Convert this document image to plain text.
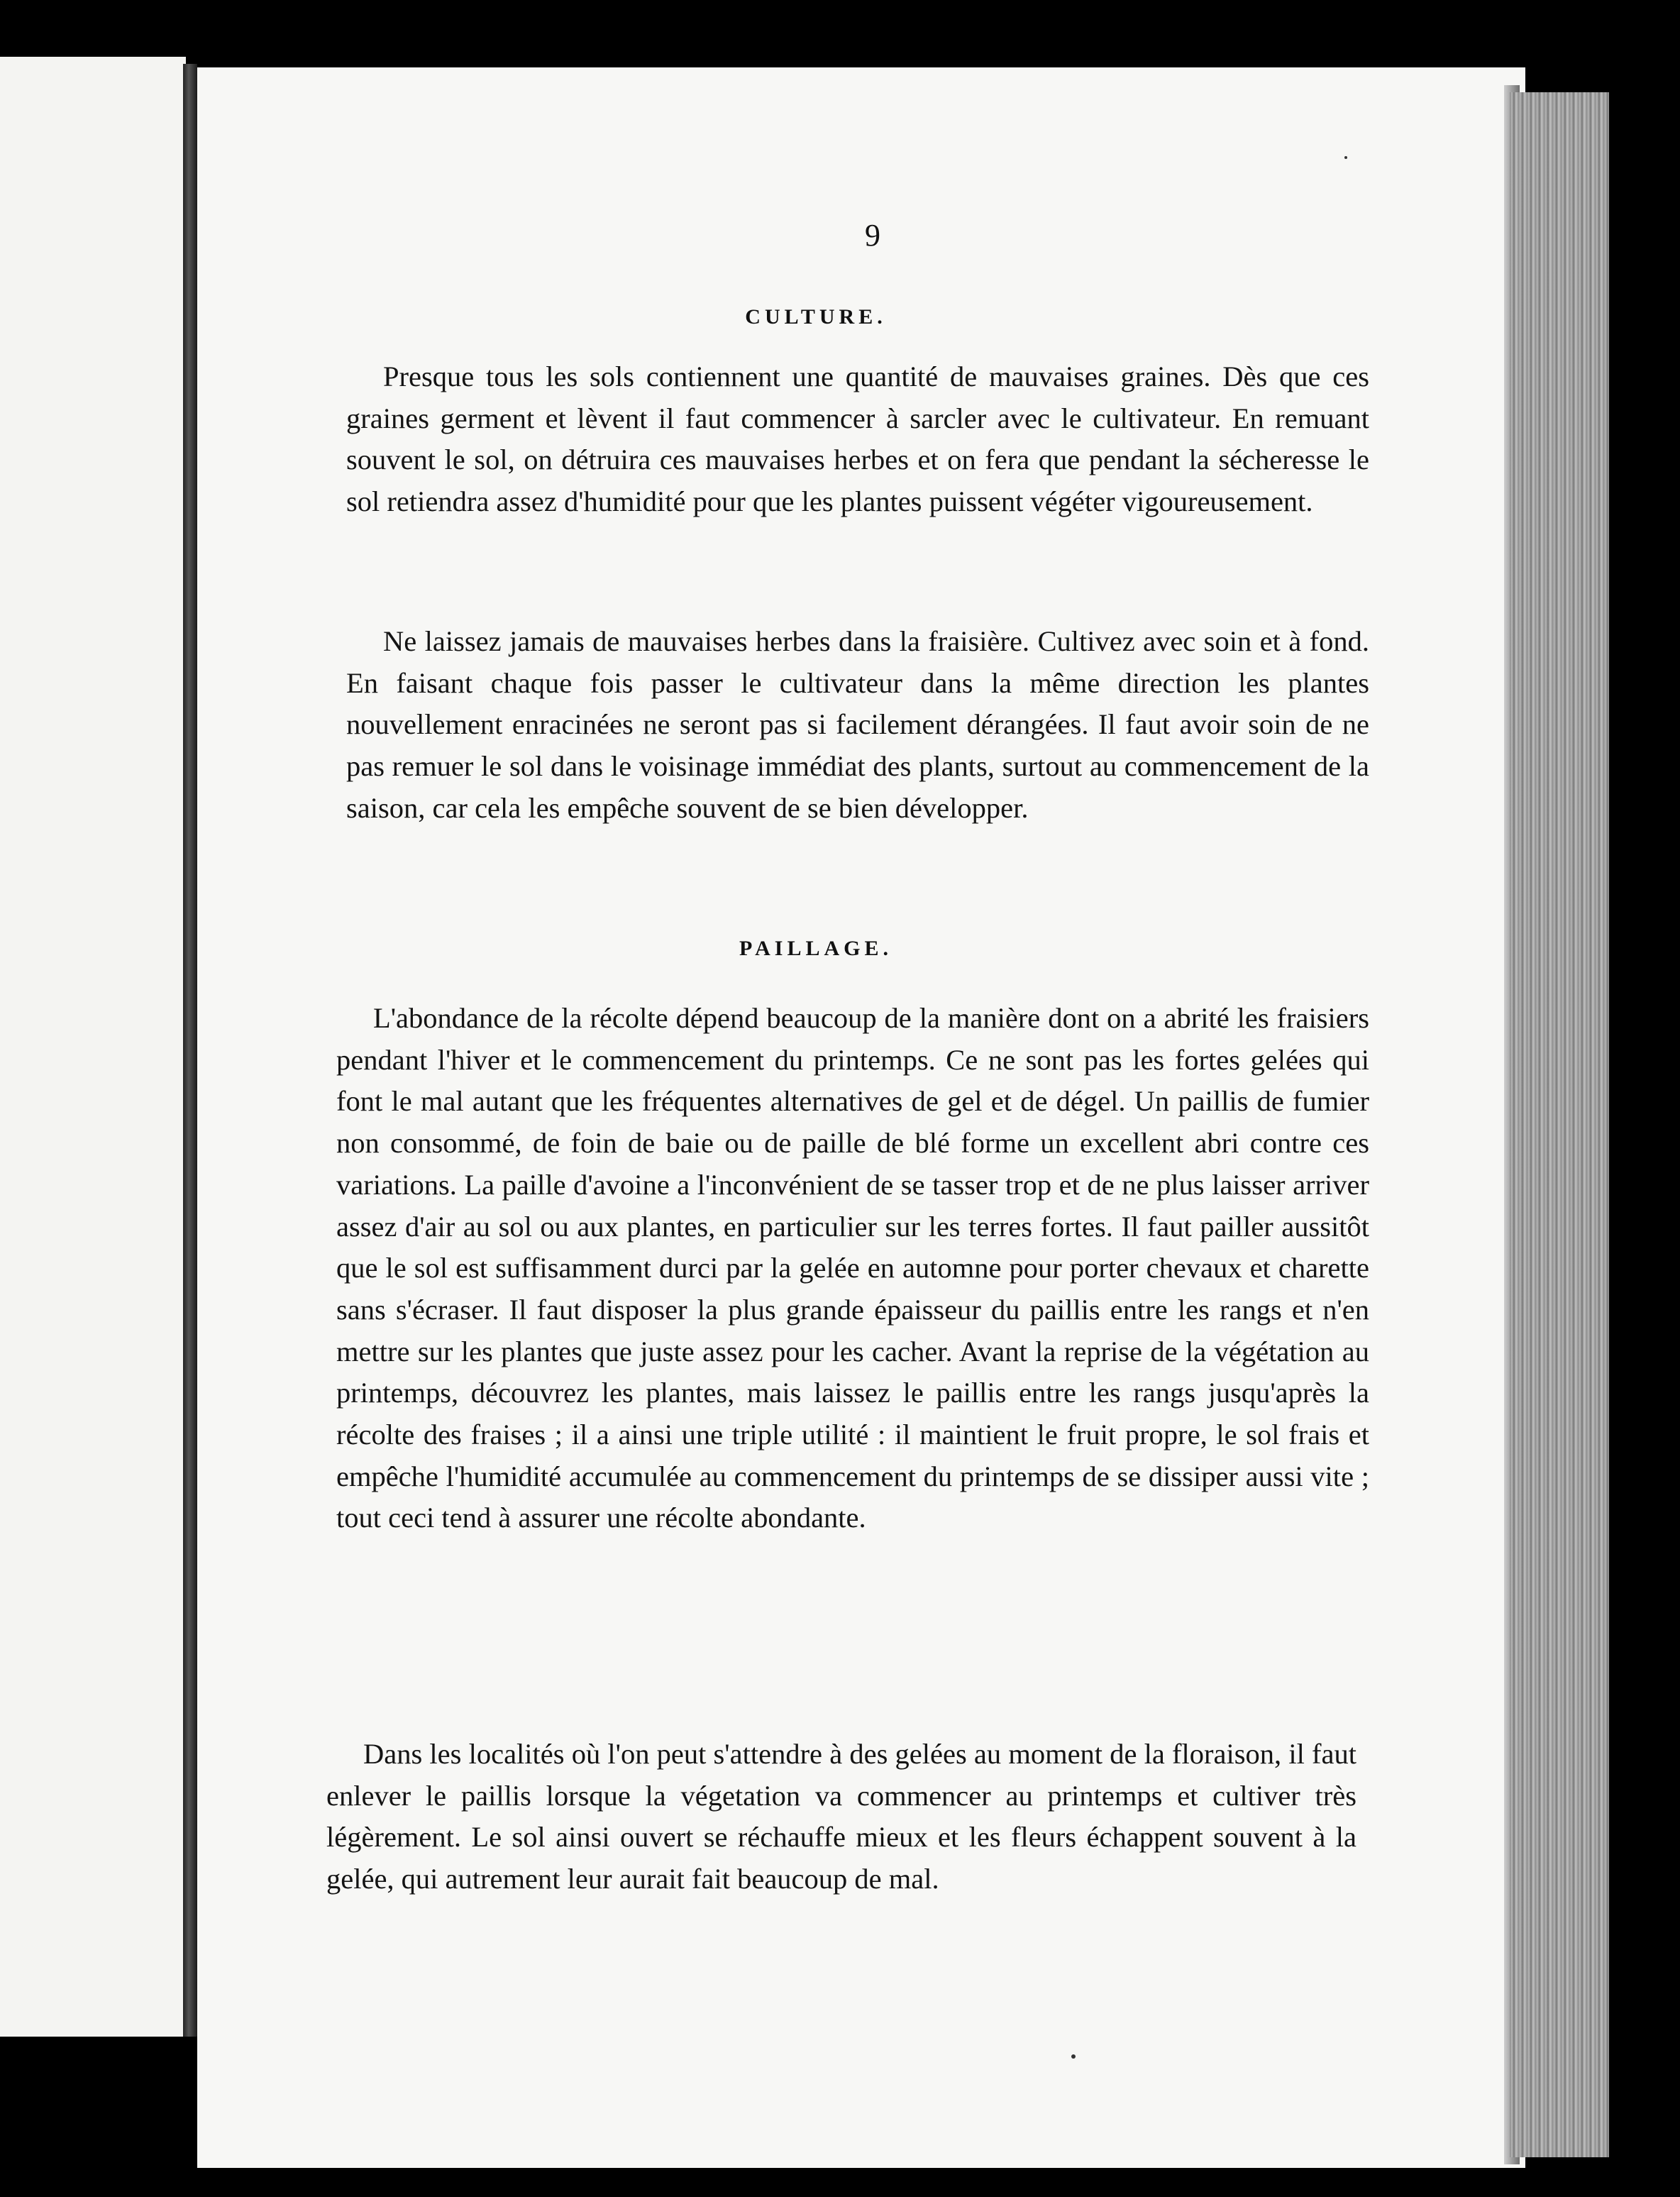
9
CULTURE.

Presque tous les sols contiennent une quantité de mauvaises graines. Dès que ces graines germent et lèvent il faut commencer à sarcler avec le cultivateur. En remuant souvent le sol, on détruira ces mauvaises herbes et on fera que pendant la sécheresse le sol retiendra assez d'humidité pour que les plantes puissent végéter vigoureusement.

Ne laissez jamais de mauvaises herbes dans la fraisière. Cultivez avec soin et à fond. En faisant chaque fois passer le cultivateur dans la même direction les plantes nouvellement enracinées ne seront pas si facilement dérangées. Il faut avoir soin de ne pas remuer le sol dans le voisinage immédiat des plants, surtout au commencement de la saison, car cela les empêche souvent de se bien développer.

PAILLAGE.

L'abondance de la récolte dépend beaucoup de la manière dont on a abrité les fraisiers pendant l'hiver et le commencement du printemps. Ce ne sont pas les fortes gelées qui font le mal autant que les fréquentes alternatives de gel et de dégel. Un paillis de fumier non consommé, de foin de baie ou de paille de blé forme un excellent abri contre ces variations. La paille d'avoine a l'inconvénient de se tasser trop et de ne plus laisser arriver assez d'air au sol ou aux plantes, en particulier sur les terres fortes. Il faut pailler aussitôt que le sol est suffisamment durci par la gelée en automne pour porter chevaux et charette sans s'écraser. Il faut disposer la plus grande épaisseur du paillis entre les rangs et n'en mettre sur les plantes que juste assez pour les cacher. Avant la reprise de la végétation au printemps, découvrez les plantes, mais laissez le paillis entre les rangs jusqu'après la récolte des fraises ; il a ainsi une triple utilité : il maintient le fruit propre, le sol frais et empêche l'humidité accumulée au commencement du printemps de se dissiper aussi vite ; tout ceci tend à assurer une récolte abondante.

Dans les localités où l'on peut s'attendre à des gelées au moment de la floraison, il faut enlever le paillis lorsque la végetation va commencer au printemps et cultiver très légèrement. Le sol ainsi ouvert se réchauffe mieux et les fleurs échappent souvent à la gelée, qui autrement leur aurait fait beaucoup de mal.
